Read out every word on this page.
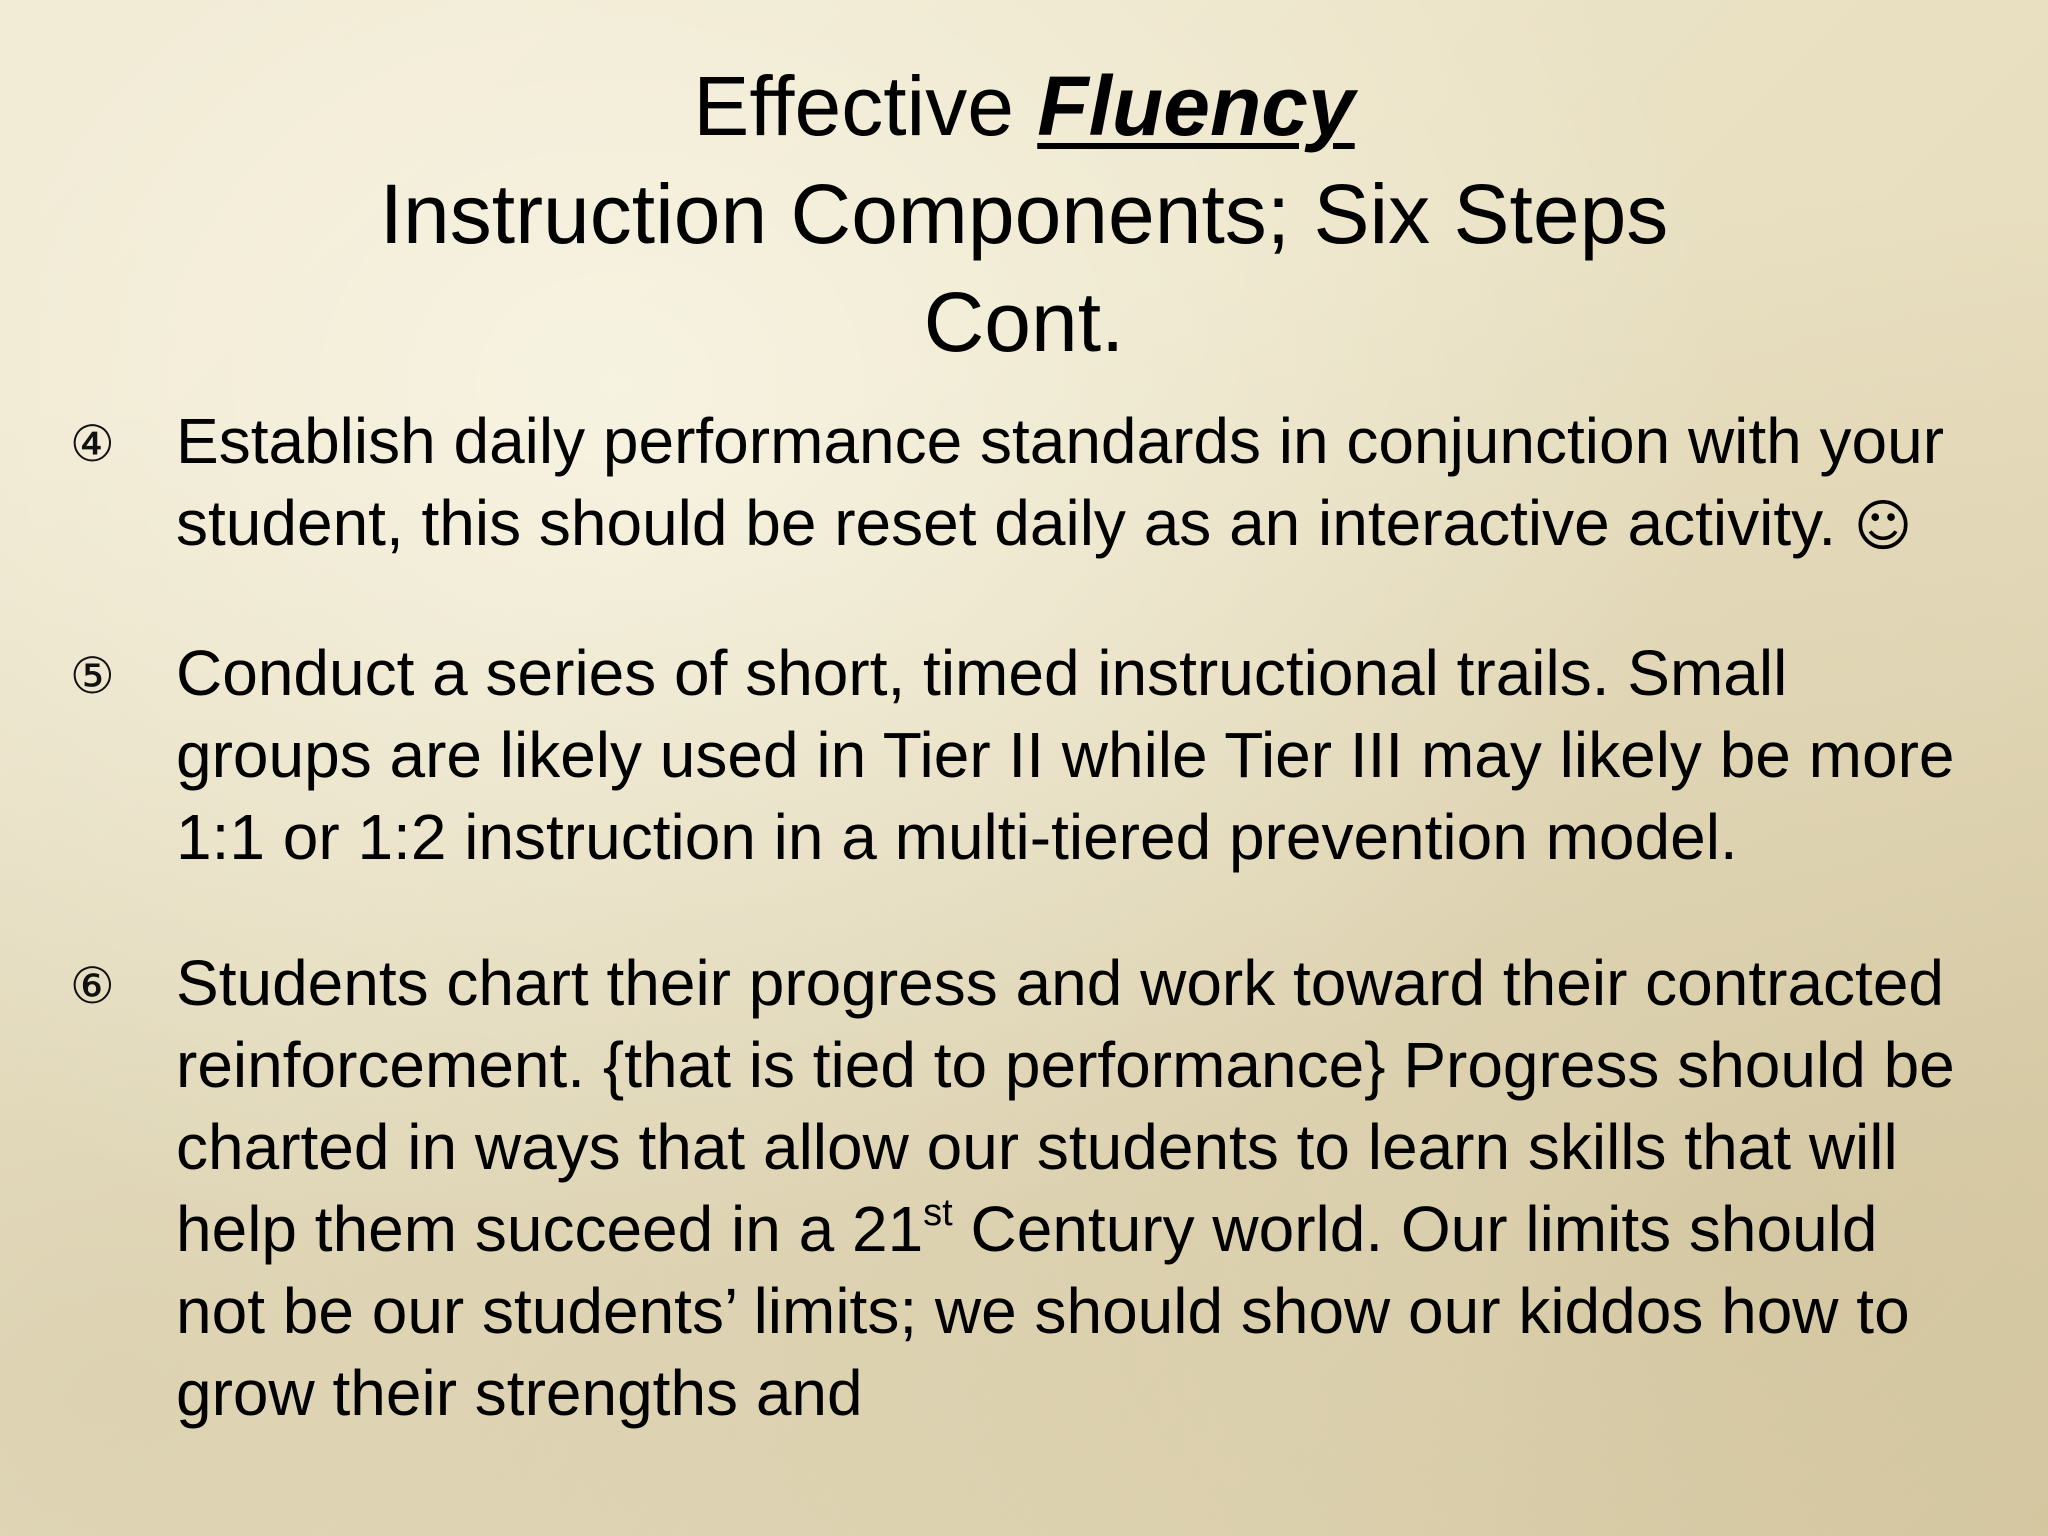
Effective Fluency
Instruction Components; Six Steps
Cont.
④ Establish daily performance standards in conjunction with your student, this should be reset daily as an interactive activity. ☺
⑤ Conduct a series of short, timed instructional trails. Small groups are likely used in Tier II while Tier III may likely be more 1:1 or 1:2 instruction in a multi-tiered prevention model.
⑥ Students chart their progress and work toward their contracted reinforcement. {that is tied to performance} Progress should be charted in ways that allow our students to learn skills that will help them succeed in a 21st Century world. Our limits should not be our students’ limits; we should show our kiddos how to grow their strengths and
